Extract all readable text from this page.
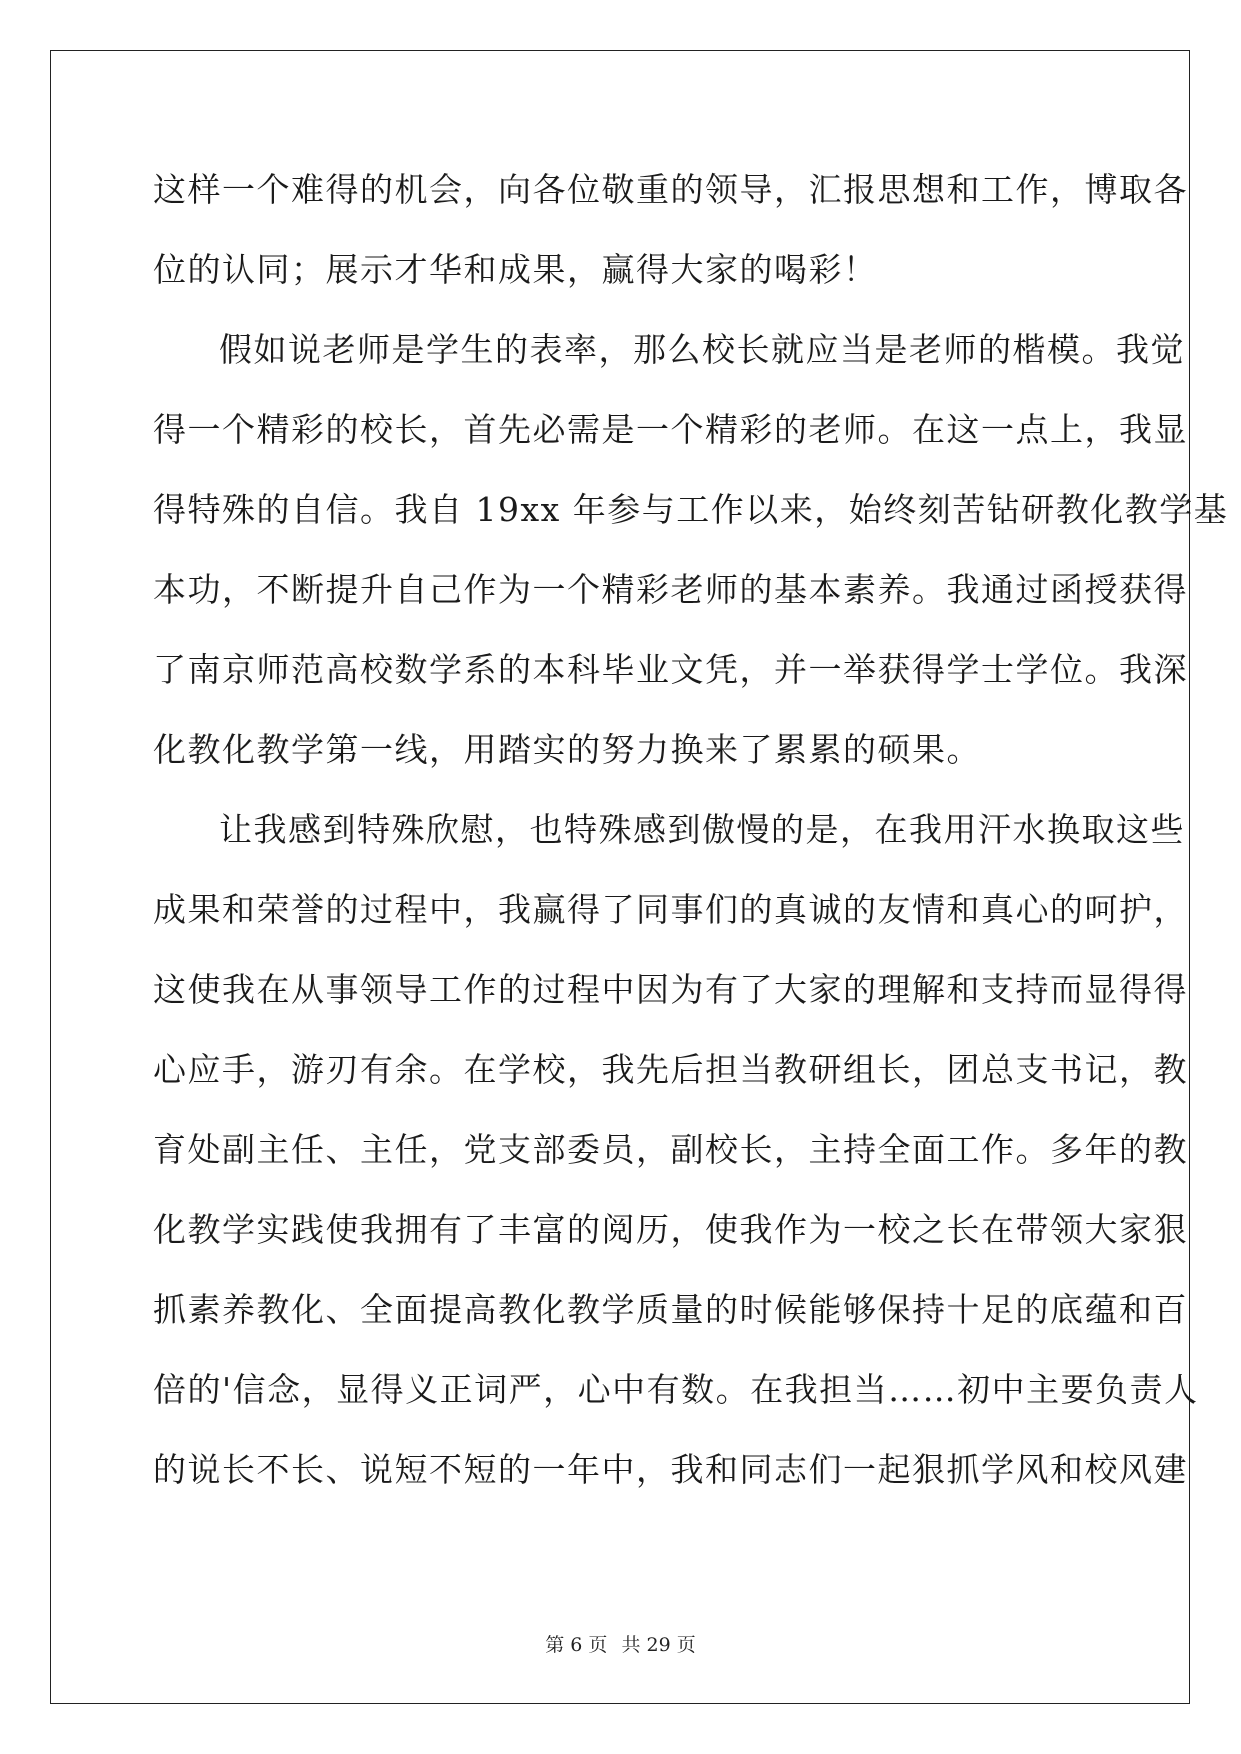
这样一个难得的机会，向各位敬重的领导，汇报思想和工作，博取各
位的认同；展示才华和成果，赢得大家的喝彩！
假如说老师是学生的表率，那么校长就应当是老师的楷模。我觉
得一个精彩的校长，首先必需是一个精彩的老师。在这一点上，我显
得特殊的自信。我自 19xx 年参与工作以来，始终刻苦钻研教化教学基
本功，不断提升自己作为一个精彩老师的基本素养。我通过函授获得
了南京师范高校数学系的本科毕业文凭，并一举获得学士学位。我深
化教化教学第一线，用踏实的努力换来了累累的硕果。
让我感到特殊欣慰，也特殊感到傲慢的是，在我用汗水换取这些
成果和荣誉的过程中，我赢得了同事们的真诚的友情和真心的呵护，
这使我在从事领导工作的过程中因为有了大家的理解和支持而显得得
心应手，游刃有余。在学校，我先后担当教研组长，团总支书记，教
育处副主任、主任，党支部委员，副校长，主持全面工作。多年的教
化教学实践使我拥有了丰富的阅历，使我作为一校之长在带领大家狠
抓素养教化、全面提高教化教学质量的时候能够保持十足的底蕴和百
倍的'信念，显得义正词严，心中有数。在我担当……初中主要负责人
的说长不长、说短不短的一年中，我和同志们一起狠抓学风和校风建
第 6 页 共 29 页
